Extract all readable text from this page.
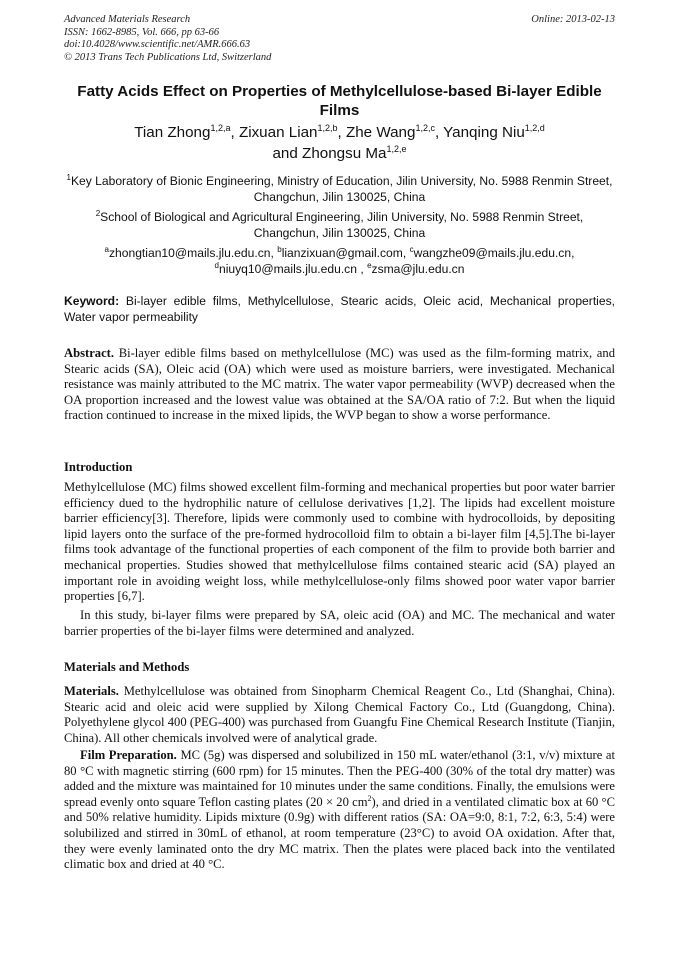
Advanced Materials Research
ISSN: 1662-8985, Vol. 666, pp 63-66
doi:10.4028/www.scientific.net/AMR.666.63
© 2013 Trans Tech Publications Ltd, Switzerland
Online: 2013-02-13
Fatty Acids Effect on Properties of Methylcellulose-based Bi-layer Edible Films
Tian Zhong$^{1,2,a}$, Zixuan Lian$^{1,2,b}$, Zhe Wang$^{1,2,c}$, Yanqing Niu$^{1,2,d}$
and Zhongsu Ma$^{1,2,e}$
$^1$Key Laboratory of Bionic Engineering, Ministry of Education, Jilin University, No. 5988 Renmin Street, Changchun, Jilin 130025, China
$^2$School of Biological and Agricultural Engineering, Jilin University, No. 5988 Renmin Street, Changchun, Jilin 130025, China
$^a$zhongtian10@mails.jlu.edu.cn, $^b$lianzixuan@gmail.com, $^c$wangzhe09@mails.jlu.edu.cn,
$^d$niuyq10@mails.jlu.edu.cn , $^e$zsma@jlu.edu.cn
Keyword: Bi-layer edible films, Methylcellulose, Stearic acids, Oleic acid, Mechanical properties, Water vapor permeability
Abstract. Bi-layer edible films based on methylcellulose (MC) was used as the film-forming matrix, and Stearic acids (SA), Oleic acid (OA) which were used as moisture barriers, were investigated. Mechanical resistance was mainly attributed to the MC matrix. The water vapor permeability (WVP) decreased when the OA proportion increased and the lowest value was obtained at the SA/OA ratio of 7:2. But when the liquid fraction continued to increase in the mixed lipids, the WVP began to show a worse performance.
Introduction
Methylcellulose (MC) films showed excellent film-forming and mechanical properties but poor water barrier efficiency dued to the hydrophilic nature of cellulose derivatives [1,2]. The lipids had excellent moisture barrier efficiency[3]. Therefore, lipids were commonly used to combine with hydrocolloids, by depositing lipid layers onto the surface of the pre-formed hydrocolloid film to obtain a bi-layer film [4,5].The bi-layer films took advantage of the functional properties of each component of the film to provide both barrier and mechanical properties. Studies showed that methylcellulose films contained stearic acid (SA) played an important role in avoiding weight loss, while methylcellulose-only films showed poor water vapor barrier properties [6,7].
In this study, bi-layer films were prepared by SA, oleic acid (OA) and MC. The mechanical and water barrier properties of the bi-layer films were determined and analyzed.
Materials and Methods
Materials. Methylcellulose was obtained from Sinopharm Chemical Reagent Co., Ltd (Shanghai, China). Stearic acid and oleic acid were supplied by Xilong Chemical Factory Co., Ltd (Guangdong, China). Polyethylene glycol 400 (PEG-400) was purchased from Guangfu Fine Chemical Research Institute (Tianjin, China). All other chemicals involved were of analytical grade.
Film Preparation. MC (5g) was dispersed and solubilized in 150 mL water/ethanol (3:1, v/v) mixture at 80 °C with magnetic stirring (600 rpm) for 15 minutes. Then the PEG-400 (30% of the total dry matter) was added and the mixture was maintained for 10 minutes under the same conditions. Finally, the emulsions were spread evenly onto square Teflon casting plates (20 × 20 $cm^2$), and dried in a ventilated climatic box at 60 °C and 50% relative humidity. Lipids mixture (0.9g) with different ratios (SA: OA=9:0, 8:1, 7:2, 6:3, 5:4) were solubilized and stirred in 30mL of ethanol, at room temperature (23°C) to avoid OA oxidation. After that, they were evenly laminated onto the dry MC matrix. Then the plates were placed back into the ventilated climatic box and dried at 40 °C.
